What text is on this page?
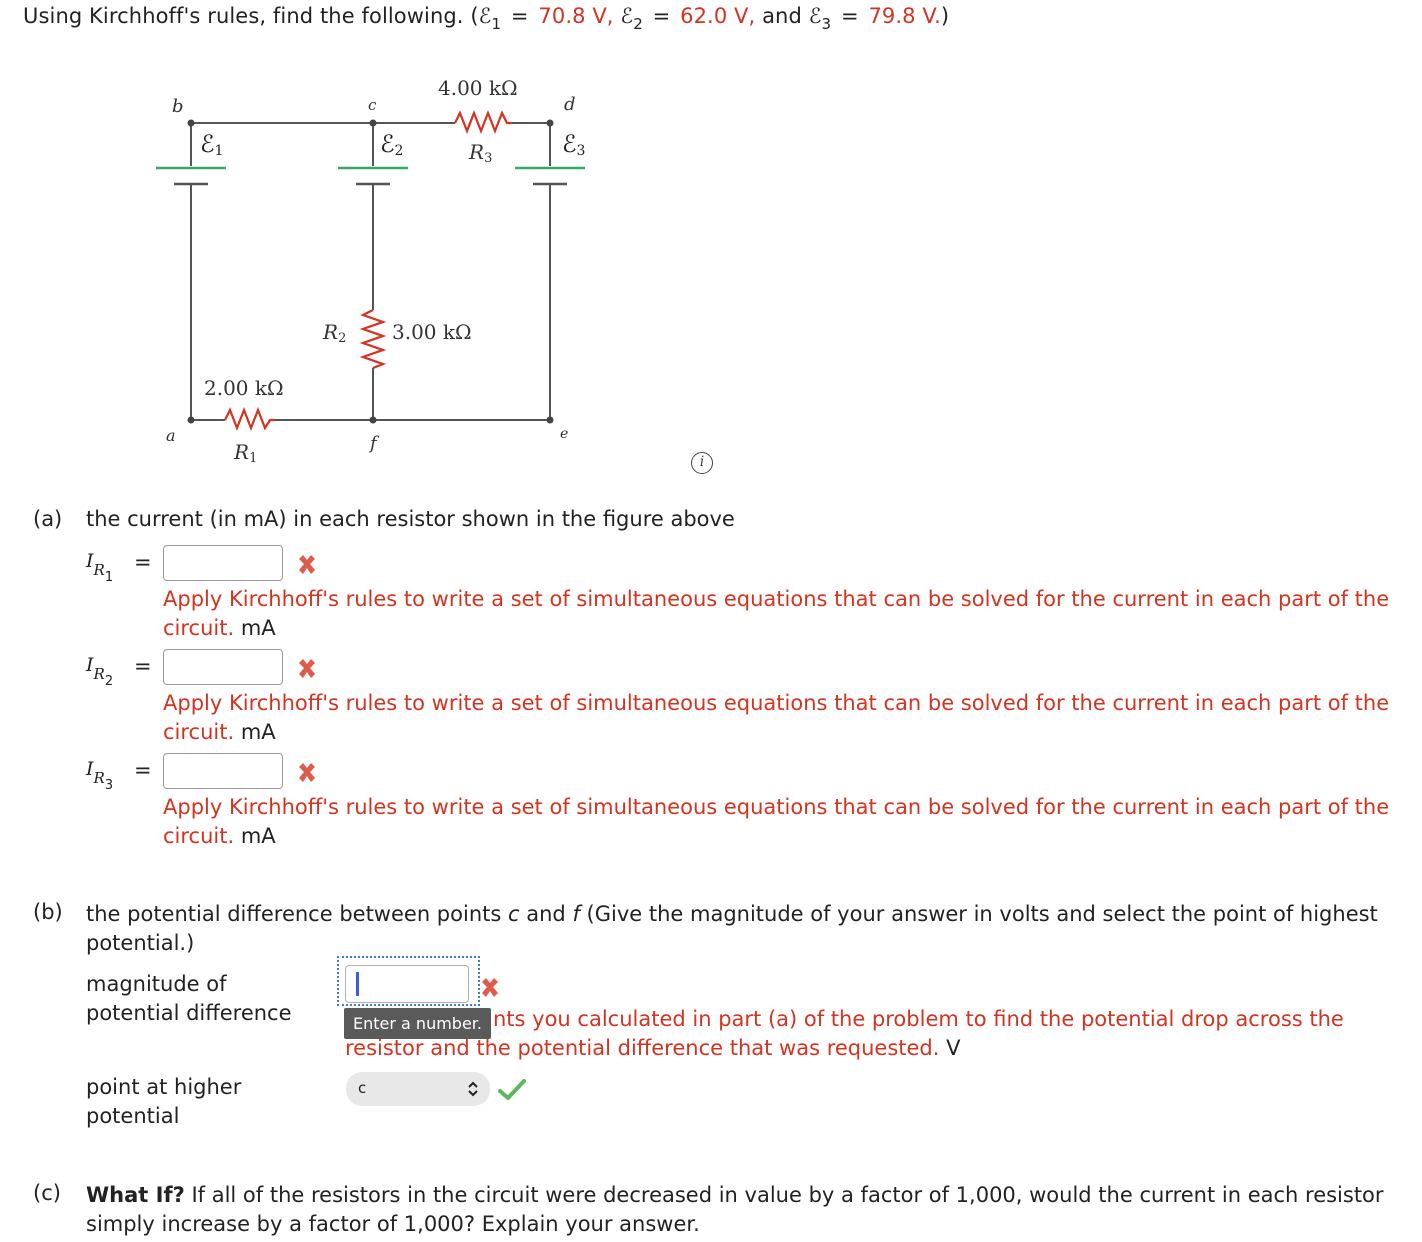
Using Kirchhoff's rules, find the following. (ℰ$_1$ = 70.8 V, ℰ$_2$ = 62.0 V, and ℰ$_3$ = 79.8 V.)
b	c	d
a	f	e
ℰ$_1$	ℰ$_2$	ℰ$_3$
4.00 kΩ
$R_3$
3.00 kΩ
$R_2$
2.00 kΩ
$R_1$	i
(a) the current (in mA) in each resistor shown in the figure above
$I_{R1}$
=
Apply Kirchhoff's rules to write a set of simultaneous equations that can be solved for the current in each part of the circuit. mA
$I_{R2}$
=
Apply Kirchhoff's rules to write a set of simultaneous equations that can be solved for the current in each part of the circuit. mA
$I_{R3}$
=
Apply Kirchhoff's rules to write a set of simultaneous equations that can be solved for the current in each part of the circuit. mA
(b) the potential difference between points c and f (Give the magnitude of your answer in volts and select the point of highest potential.)
magnitude of
potential difference	Enter a number. nts you calculated in part (a) of the problem to find the potential drop across the
resistor and the potential difference that was requested. V
point at higher
potential
c
(c) What If? If all of the resistors in the circuit were decreased in value by a factor of 1,000, would the current in each resistor
simply increase by a factor of 1,000? Explain your answer.
